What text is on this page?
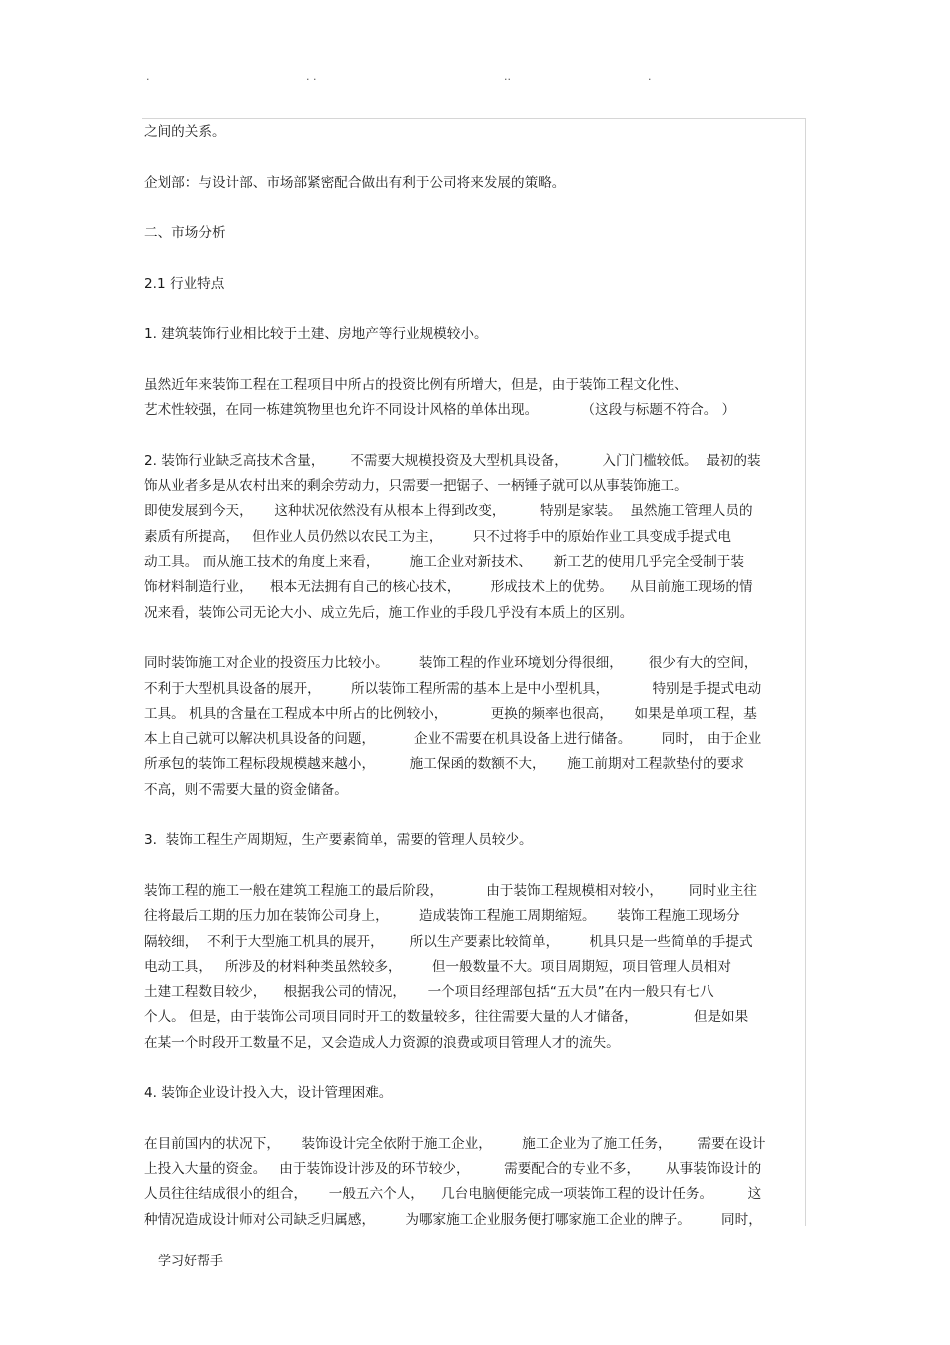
.	. .	..	.

之间的关系。

企划部：与设计部、市场部紧密配合做出有利于公司将来发展的策略。

二、市场分析

2.1 行业特点

1. 建筑装饰行业相比较于土建、房地产等行业规模较小。

虽然近年来装饰工程在工程项目中所占的投资比例有所增大，但是，由于装饰工程文化性、

艺术性较强，在同一栋建筑物里也允许不同设计风格的单体出现。          （这段与标题不符合。 ）

2. 装饰行业缺乏高技术含量，      不需要大规模投资及大型机具设备，        入门门槛较低。  最初的装

饰从业者多是从农村出来的剩余劳动力，只需要一把锯子、一柄锤子就可以从事装饰施工。

即使发展到今天，     这种状况依然没有从根本上得到改变，        特别是家装。  虽然施工管理人员的

素质有所提高，   但作业人员仍然以农民工为主，       只不过将手中的原始作业工具变成手提式电

动工具。 而从施工技术的角度上来看，       施工企业对新技术、     新工艺的使用几乎完全受制于装

饰材料制造行业，    根本无法拥有自己的核心技术，       形成技术上的优势。    从目前施工现场的情

况来看，装饰公司无论大小、成立先后，施工作业的手段几乎没有本质上的区别。

同时装饰施工对企业的投资压力比较小。       装饰工程的作业环境划分得很细，      很少有大的空间，

不利于大型机具设备的展开，       所以装饰工程所需的基本上是中小型机具，          特别是手提式电动

工具。 机具的含量在工程成本中所占的比例较小，          更换的频率也很高，     如果是单项工程，基

本上自己就可以解决机具设备的问题，         企业不需要在机具设备上进行储备。       同时， 由于企业

所承包的装饰工程标段规模越来越小，        施工保函的数额不大，     施工前期对工程款垫付的要求

不高，则不需要大量的资金储备。

3.  装饰工程生产周期短，生产要素简单，需要的管理人员较少。

装饰工程的施工一般在建筑工程施工的最后阶段，          由于装饰工程规模相对较小，      同时业主往

往将最后工期的压力加在装饰公司身上，       造成装饰工程施工周期缩短。     装饰工程施工现场分

隔较细，  不利于大型施工机具的展开，      所以生产要素比较简单，       机具只是一些简单的手提式

电动工具，   所涉及的材料种类虽然较多，       但一般数量不大。项目周期短，项目管理人员相对

土建工程数目较少，    根据我公司的情况，     一个项目经理部包括“五大员”在内一般只有七八

个人。 但是，由于装饰公司项目同时开工的数量较多，往往需要大量的人才储备，             但是如果

在某一个时段开工数量不足，又会造成人力资源的浪费或项目管理人才的流失。

4. 装饰企业设计投入大，设计管理困难。

在目前国内的状况下，     装饰设计完全依附于施工企业，       施工企业为了施工任务，      需要在设计

上投入大量的资金。   由于装饰设计涉及的环节较少，        需要配合的专业不多，      从事装饰设计的

人员往往结成很小的组合，     一般五六个人，    几台电脑便能完成一项装饰工程的设计任务。        这

种情况造成设计师对公司缺乏归属感，       为哪家施工企业服务便打哪家施工企业的牌子。       同时，

学习好帮手
